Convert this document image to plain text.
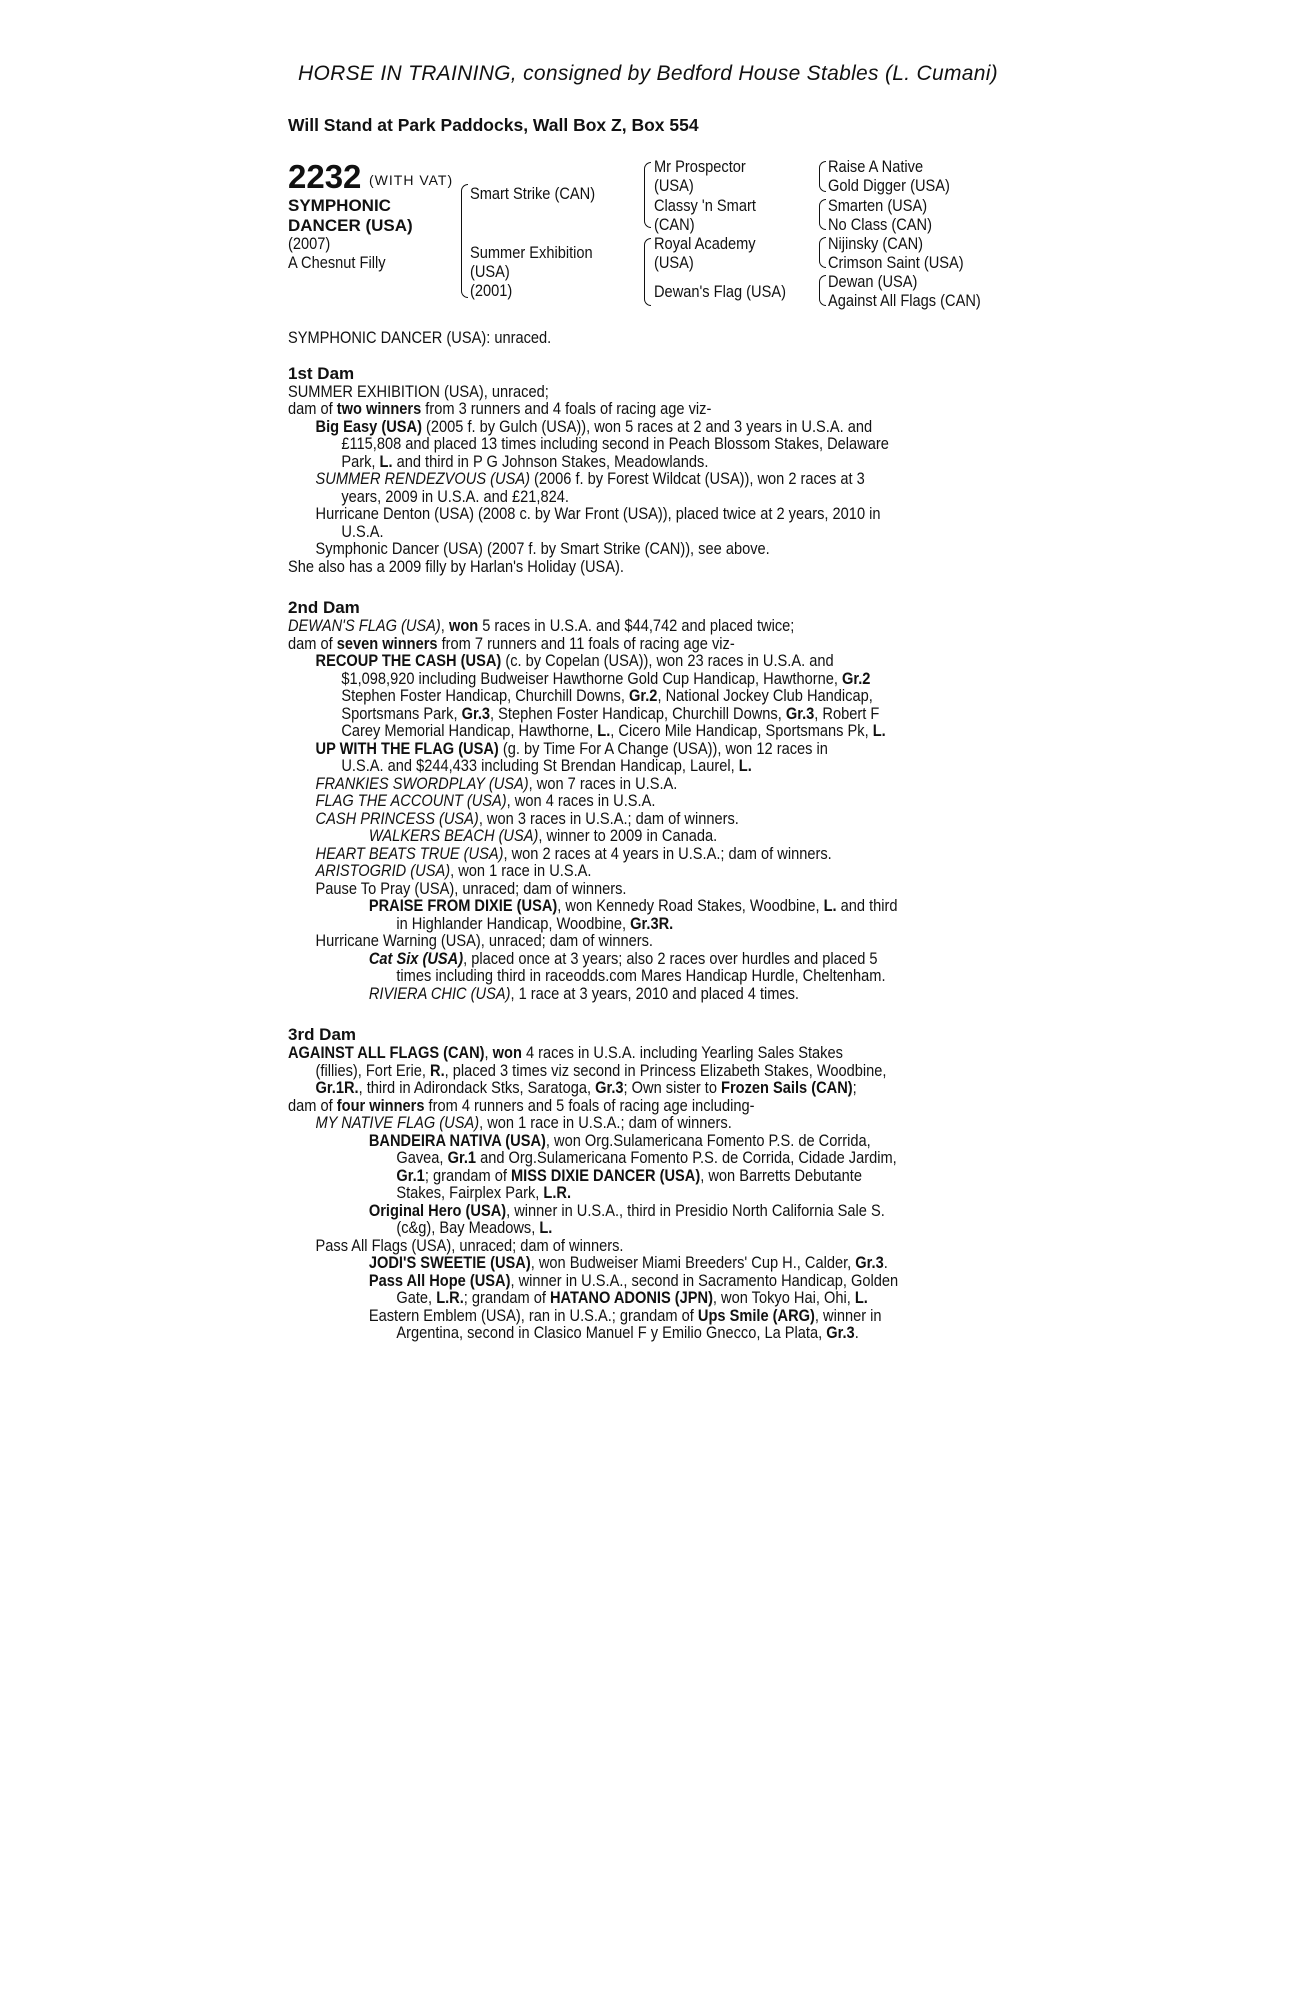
HORSE IN TRAINING, consigned by Bedford House Stables (L. Cumani)
Will Stand at Park Paddocks, Wall Box Z, Box 554
2232 (WITH VAT)
SYMPHONIC
DANCER (USA)
(2007)
A Chesnut Filly
Smart Strike (CAN)
Summer Exhibition
(USA)
(2001)
Mr Prospector
(USA)
Classy 'n Smart
(CAN)
Royal Academy
(USA)
Dewan's Flag (USA)
Raise A Native
Gold Digger (USA)
Smarten (USA)
No Class (CAN)
Nijinsky (CAN)
Crimson Saint (USA)
Dewan (USA)
Against All Flags (CAN)
SYMPHONIC DANCER (USA): unraced.
1st Dam
SUMMER EXHIBITION (USA), unraced;
dam of two winners from 3 runners and 4 foals of racing age viz-
Big Easy (USA) (2005 f. by Gulch (USA)), won 5 races at 2 and 3 years in U.S.A. and
£115,808 and placed 13 times including second in Peach Blossom Stakes, Delaware
Park, L. and third in P G Johnson Stakes, Meadowlands.
SUMMER RENDEZVOUS (USA) (2006 f. by Forest Wildcat (USA)), won 2 races at 3
years, 2009 in U.S.A. and £21,824.
Hurricane Denton (USA) (2008 c. by War Front (USA)), placed twice at 2 years, 2010 in
U.S.A.
Symphonic Dancer (USA) (2007 f. by Smart Strike (CAN)), see above.
She also has a 2009 filly by Harlan's Holiday (USA).
2nd Dam
DEWAN'S FLAG (USA), won 5 races in U.S.A. and $44,742 and placed twice;
dam of seven winners from 7 runners and 11 foals of racing age viz-
RECOUP THE CASH (USA) (c. by Copelan (USA)), won 23 races in U.S.A. and
$1,098,920 including Budweiser Hawthorne Gold Cup Handicap, Hawthorne, Gr.2
Stephen Foster Handicap, Churchill Downs, Gr.2, National Jockey Club Handicap,
Sportsmans Park, Gr.3, Stephen Foster Handicap, Churchill Downs, Gr.3, Robert F
Carey Memorial Handicap, Hawthorne, L., Cicero Mile Handicap, Sportsmans Pk, L.
UP WITH THE FLAG (USA) (g. by Time For A Change (USA)), won 12 races in
U.S.A. and $244,433 including St Brendan Handicap, Laurel, L.
FRANKIES SWORDPLAY (USA), won 7 races in U.S.A.
FLAG THE ACCOUNT (USA), won 4 races in U.S.A.
CASH PRINCESS (USA), won 3 races in U.S.A.; dam of winners.
WALKERS BEACH (USA), winner to 2009 in Canada.
HEART BEATS TRUE (USA), won 2 races at 4 years in U.S.A.; dam of winners.
ARISTOGRID (USA), won 1 race in U.S.A.
Pause To Pray (USA), unraced; dam of winners.
PRAISE FROM DIXIE (USA), won Kennedy Road Stakes, Woodbine, L. and third
in Highlander Handicap, Woodbine, Gr.3R.
Hurricane Warning (USA), unraced; dam of winners.
Cat Six (USA), placed once at 3 years; also 2 races over hurdles and placed 5
times including third in raceodds.com Mares Handicap Hurdle, Cheltenham.
RIVIERA CHIC (USA), 1 race at 3 years, 2010 and placed 4 times.
3rd Dam
AGAINST ALL FLAGS (CAN), won 4 races in U.S.A. including Yearling Sales Stakes
(fillies), Fort Erie, R., placed 3 times viz second in Princess Elizabeth Stakes, Woodbine,
Gr.1R., third in Adirondack Stks, Saratoga, Gr.3; Own sister to Frozen Sails (CAN);
dam of four winners from 4 runners and 5 foals of racing age including-
MY NATIVE FLAG (USA), won 1 race in U.S.A.; dam of winners.
BANDEIRA NATIVA (USA), won Org.Sulamericana Fomento P.S. de Corrida,
Gavea, Gr.1 and Org.Sulamericana Fomento P.S. de Corrida, Cidade Jardim,
Gr.1; grandam of MISS DIXIE DANCER (USA), won Barretts Debutante
Stakes, Fairplex Park, L.R.
Original Hero (USA), winner in U.S.A., third in Presidio North California Sale S.
(c&g), Bay Meadows, L.
Pass All Flags (USA), unraced; dam of winners.
JODI'S SWEETIE (USA), won Budweiser Miami Breeders' Cup H., Calder, Gr.3.
Pass All Hope (USA), winner in U.S.A., second in Sacramento Handicap, Golden
Gate, L.R.; grandam of HATANO ADONIS (JPN), won Tokyo Hai, Ohi, L.
Eastern Emblem (USA), ran in U.S.A.; grandam of Ups Smile (ARG), winner in
Argentina, second in Clasico Manuel F y Emilio Gnecco, La Plata, Gr.3.
